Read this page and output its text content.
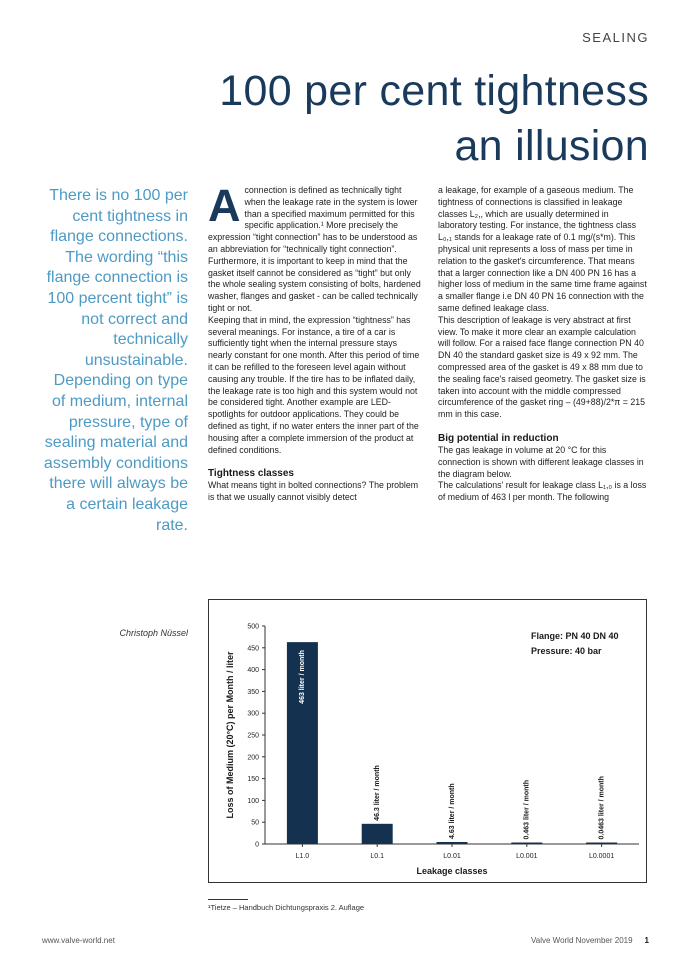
SEALING
100 per cent tightness
an illusion
There is no 100 per cent tightness in flange connections. The wording “this flange connection is 100 percent tight” is not correct and technically unsustainable. Depending on type of medium, internal pressure, type of sealing material and assembly conditions there will always be a certain leakage rate.
Christoph Nüssel

Aconnection is defined as technically tight when the leakage rate in the system is lower than a specified maximum permitted for this specific application.¹ More precisely the expression “tight connection” has to be understood as an abbreviation for “technically tight connection”.

Furthermore, it is important to keep in mind that the gasket itself cannot be considered as “tight” but only the whole sealing system consisting of bolts, hardened washer, flanges and gasket - can be called technically tight or not.

Keeping that in mind, the expression “tightness” has several meanings. For instance, a tire of a car is sufficiently tight when the internal pressure stays nearly constant for one month. After this period of time it can be refilled to the foreseen level again without causing any trouble. If the tire has to be inflated daily, the leakage rate is too high and this system would not be considered tight. Another example are LED-spotlights for outdoor applications. They could be defined as tight, if no water enters the inner part of the housing after a complete immersion of the product at defined conditions.

Tightness classes

What means tight in bolted connections? The problem is that we usually cannot visibly detect

a leakage, for example of a gaseous medium. The tightness of connections is classified in leakage classes L₂,, which are usually determined in laboratory testing. For instance, the tightness class L₀,₁ stands for a leakage rate of 0.1 mg/(s*m). This physical unit represents a loss of mass per time in relation to the gasket's circumference. That means that a larger connection like a DN 400 PN 16 has a higher loss of medium in the same time frame against a smaller flange i.e DN 40 PN 16 connection with the same defined leakage class.

This description of leakage is very abstract at first view. To make it more clear an example calculation will follow. For a raised face flange connection PN 40 DN 40 the standard gasket size is 49 x 92 mm. The compressed area of the gasket is 49 x 88 mm due to the sealing face's raised geometry. The gasket size is taken into account with the middle compressed circumference of the gasket ring – (49+88)/2*π = 215 mm in this case.

Big potential in reduction

The gas leakage in volume at 20 °C for this connection is shown with different leakage classes in the diagram below.

The calculations' result for leakage class L₁,₀ is a loss of medium of 463 l per month. The following

0
50
100
150
200
250
300
350
400
450
500
L1.0
463 liter / month
L0.1
46.3 liter / month
L0.01
4.63 liter / month
L0.001
0.463 liter / month
L0.0001
0.0463 liter / month
Loss of Medium (20°C) per Month / liter
Leakage classes
Flange: PN 40 DN 40
Pressure: 40 bar
¹Tietze – Handbuch Dichtungspraxis 2. Auflage
www.valve-world.net	Valve World November 2019 1
